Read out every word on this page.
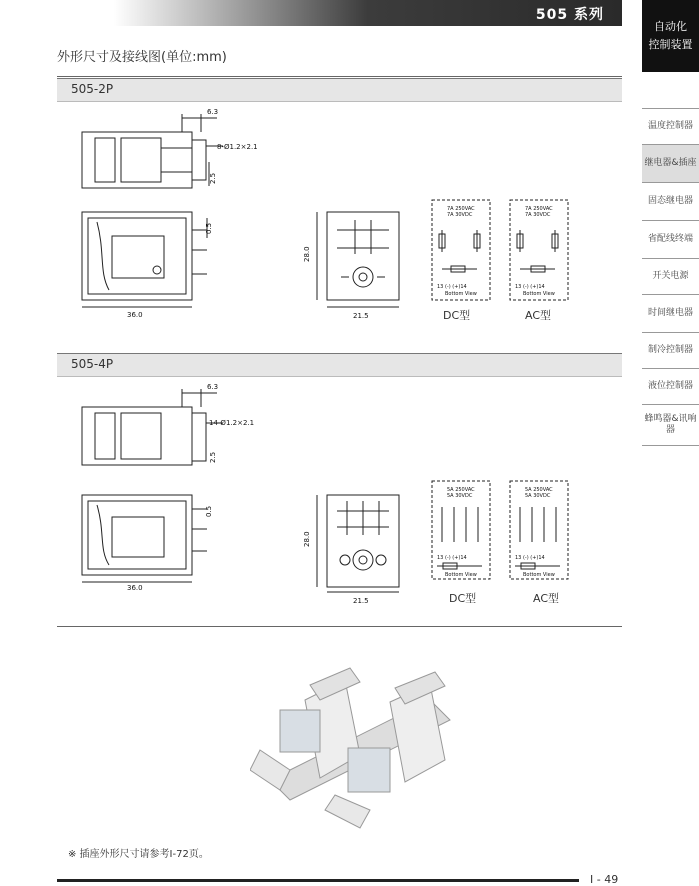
505 系列
自动化
控制装置
外形尺寸及接线图(单位:mm)
温度控制器
继电器&插座
固态继电器
省配线终端
开关电源
时间继电器
制冷控制器
液位控制器
蜂鸣器&讯响器
505-2P
6.3
8-Ø1.2×2.1
36.0	21.5
28.0
0.5
2.5
7A 250VAC
7A 30VDC
7A 250VAC
7A 30VDC
13 (-) (+)14
Bottom View
13 (-) (+)14
Bottom View
DC型	AC型
505-4P
6.3
14-Ø1.2×2.1
36.0
21.5
28.0
0.5
2.5
5A 250VAC
5A 30VDC
5A 250VAC
5A 30VDC
13 (-) (+)14
Bottom View
13 (-) (+)14
Bottom View
DC型	AC型
※ 插座外形尺寸请参考I-72页。
I - 49
